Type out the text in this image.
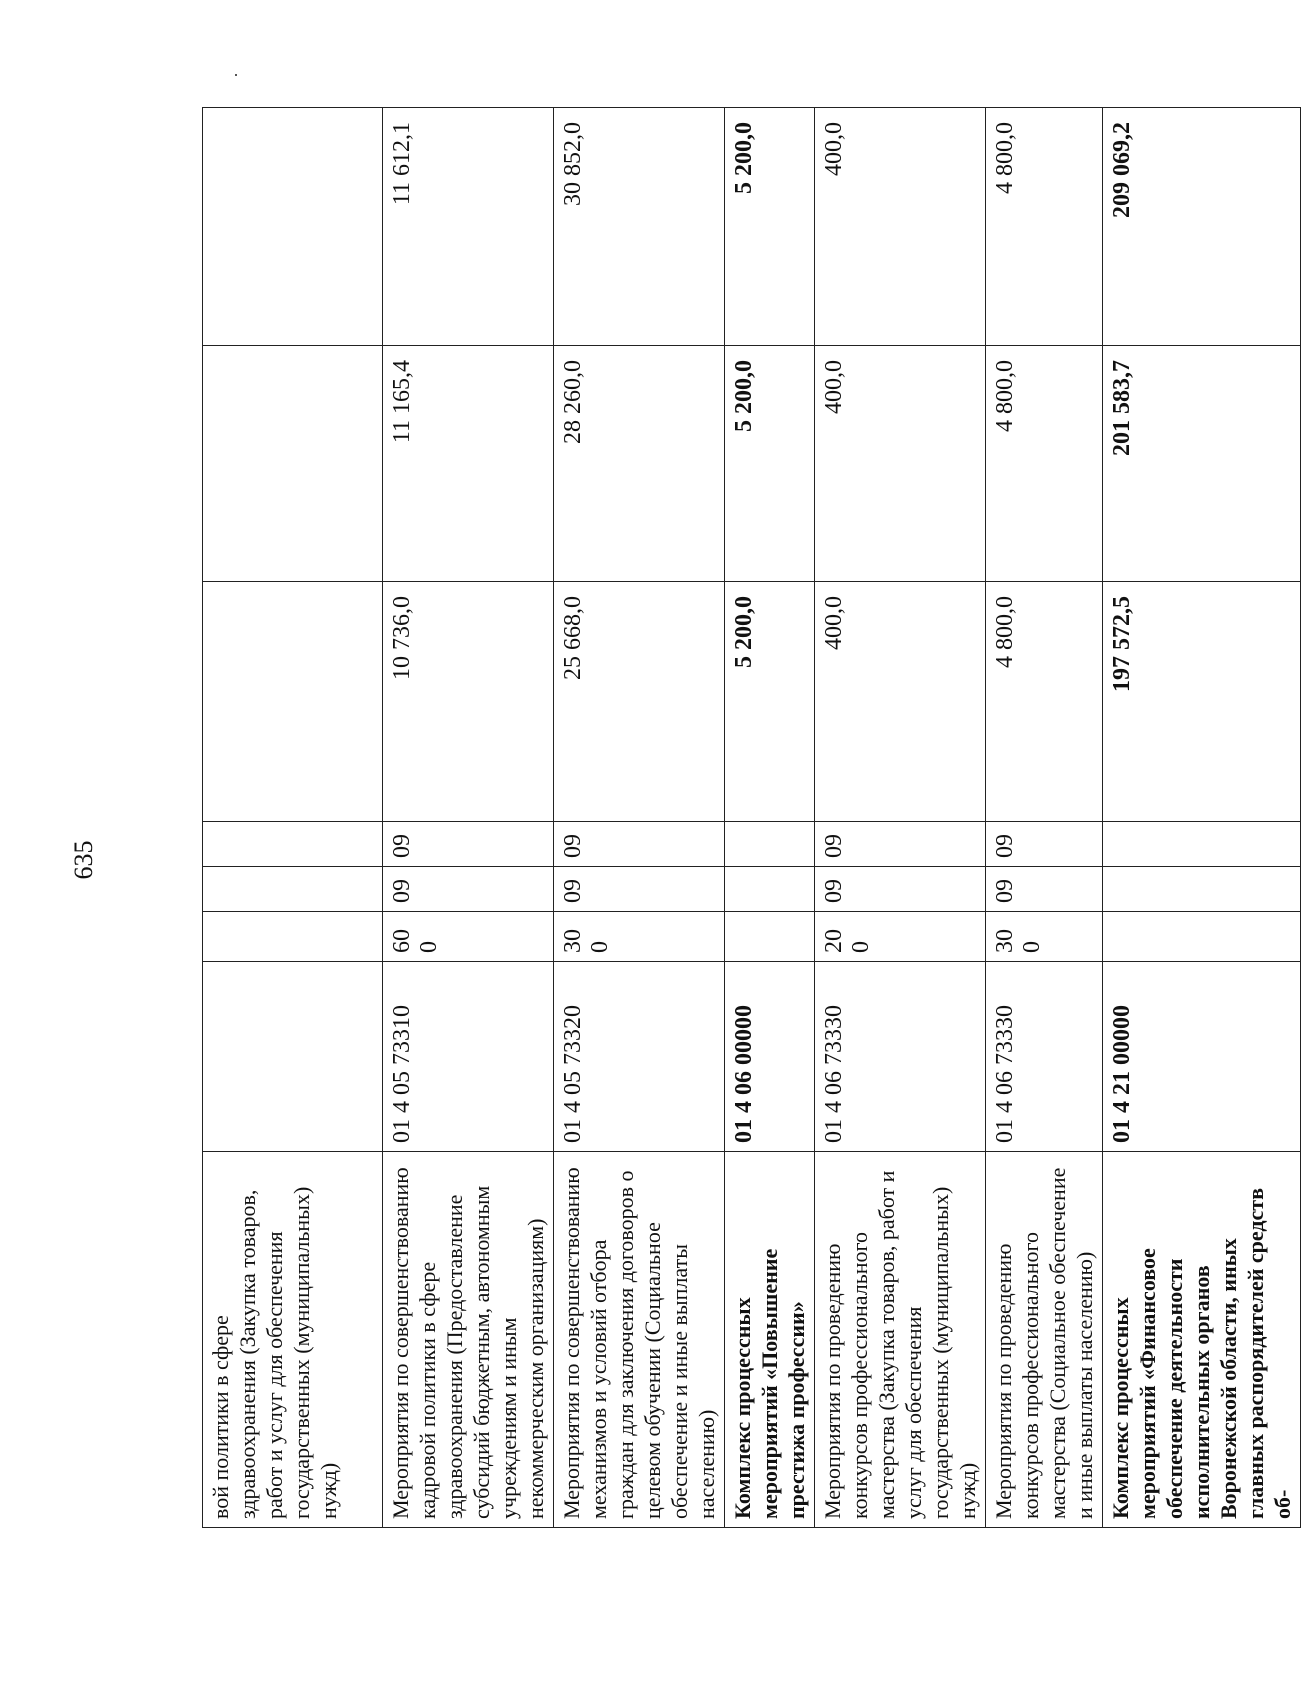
635
вой политики в сфере здравоохранения (Закупка товаров, работ и услуг для обеспечения государственных (муниципальных) нужд)							
Мероприятия по совершенствованию кадровой политики в сфере здравоохранения (Предоставление субсидий бюджетным, автономным учреждениям и иным некоммерческим организациям)	01 4 05 73310	600	09	09	10 736,0	11 165,4	11 612,1
Мероприятия по совершенствованию механизмов и условий отбора граждан для заключения договоров о целевом обучении (Социальное обеспечение и иные выплаты населению)	01 4 05 73320	300	09	09	25 668,0	28 260,0	30 852,0
Комплекс процессных мероприятий «Повышение престижа профессии»	01 4 06 00000				5 200,0	5 200,0	5 200,0
Мероприятия по проведению конкурсов профессионального мастерства (Закупка товаров, работ и услуг для обеспечения государственных (муниципальных) нужд)	01 4 06 73330	200	09	09	400,0	400,0	400,0
Мероприятия по проведению конкурсов профессионального мастерства (Социальное обеспечение и иные выплаты населению)	01 4 06 73330	300	09	09	4 800,0	4 800,0	4 800,0
Комплекс процессных мероприятий «Финансовое обеспечение деятельности исполнительных органов Воронежской области, иных главных распорядителей средств об-	01 4 21 00000				197 572,5	201 583,7	209 069,2
